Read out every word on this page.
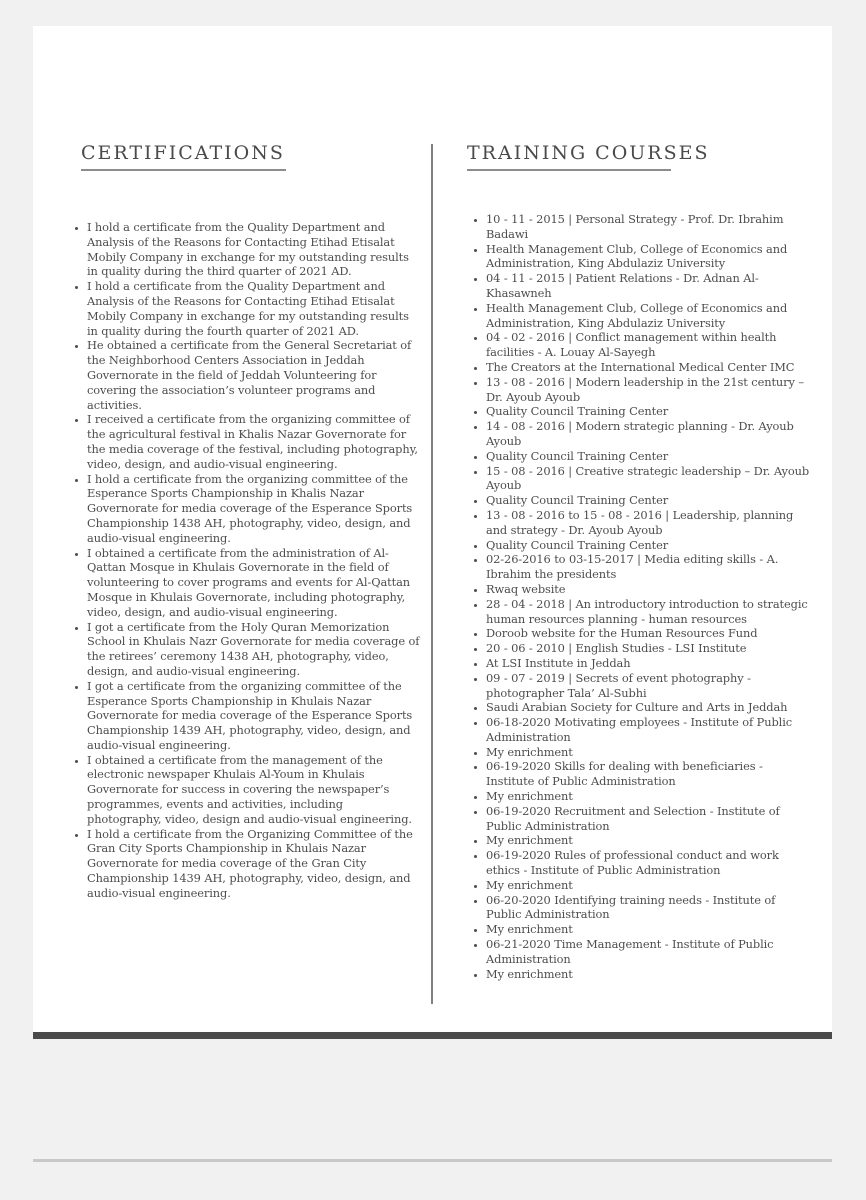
CERTIFICATIONS	TRAINING COURSES
• I hold a certificate from the Quality Department and Analysis of the Reasons for Contacting Etihad Etisalat Mobily Company in exchange for my outstanding results in quality during the third quarter of 2021 AD.
• I hold a certificate from the Quality Department and Analysis of the Reasons for Contacting Etihad Etisalat Mobily Company in exchange for my outstanding results in quality during the fourth quarter of 2021 AD.
• He obtained a certificate from the General Secretariat of the Neighborhood Centers Association in Jeddah Governorate in the field of Jeddah Volunteering for covering the association’s volunteer programs and activities.
• I received a certificate from the organizing committee of the agricultural festival in Khalis Nazar Governorate for the media coverage of the festival, including photography, video, design, and audio-visual engineering.
• I hold a certificate from the organizing committee of the Esperance Sports Championship in Khalis Nazar Governorate for media coverage of the Esperance Sports Championship 1438 AH, photography, video, design, and audio-visual engineering.
• I obtained a certificate from the administration of Al-Qattan Mosque in Khulais Governorate in the field of volunteering to cover programs and events for Al-Qattan Mosque in Khulais Governorate, including photography, video, design, and audio-visual engineering.
• I got a certificate from the Holy Quran Memorization School in Khulais Nazr Governorate for media coverage of the retirees’ ceremony 1438 AH, photography, video, design, and audio-visual engineering.
• I got a certificate from the organizing committee of the Esperance Sports Championship in Khulais Nazar Governorate for media coverage of the Esperance Sports Championship 1439 AH, photography, video, design, and audio-visual engineering.
• I obtained a certificate from the management of the electronic newspaper Khulais Al-Youm in Khulais Governorate for success in covering the newspaper’s programmes, events and activities, including photography, video, design and audio-visual engineering.
• I hold a certificate from the Organizing Committee of the Gran City Sports Championship in Khulais Nazar Governorate for media coverage of the Gran City Championship 1439 AH, photography, video, design, and audio-visual engineering.
• 10 - 11 - 2015 | Personal Strategy - Prof. Dr. Ibrahim Badawi
• Health Management Club, College of Economics and Administration, King Abdulaziz University
• 04 - 11 - 2015 | Patient Relations - Dr. Adnan Al-Khasawneh
• Health Management Club, College of Economics and Administration, King Abdulaziz University
• 04 - 02 - 2016 | Conflict management within health facilities - A. Louay Al-Sayegh
• The Creators at the International Medical Center IMC
• 13 - 08 - 2016 | Modern leadership in the 21st century – Dr. Ayoub Ayoub
• Quality Council Training Center
• 14 - 08 - 2016 | Modern strategic planning - Dr. Ayoub Ayoub
• Quality Council Training Center
• 15 - 08 - 2016 | Creative strategic leadership – Dr. Ayoub Ayoub
• Quality Council Training Center
• 13 - 08 - 2016 to 15 - 08 - 2016 | Leadership, planning and strategy - Dr. Ayoub Ayoub
• Quality Council Training Center
• 02-26-2016 to 03-15-2017 | Media editing skills - A. Ibrahim the presidents
• Rwaq website
• 28 - 04 - 2018 | An introductory introduction to strategic human resources planning - human resources
• Doroob website for the Human Resources Fund
• 20 - 06 - 2010 | English Studies - LSI Institute
• At LSI Institute in Jeddah
• 09 - 07 - 2019 | Secrets of event photography - photographer Tala’ Al-Subhi
• Saudi Arabian Society for Culture and Arts in Jeddah
• 06-18-2020 Motivating employees - Institute of Public Administration
• My enrichment
• 06-19-2020 Skills for dealing with beneficiaries - Institute of Public Administration
• My enrichment
• 06-19-2020 Recruitment and Selection - Institute of Public Administration
• My enrichment
• 06-19-2020 Rules of professional conduct and work ethics - Institute of Public Administration
• My enrichment
• 06-20-2020 Identifying training needs - Institute of Public Administration
• My enrichment
• 06-21-2020 Time Management - Institute of Public Administration
• My enrichment
